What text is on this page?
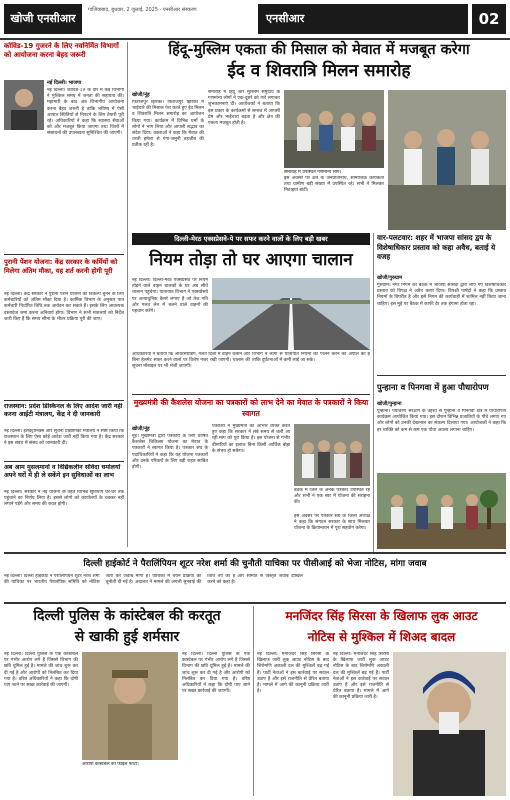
खोजी एनसीआर
गाजियाबाद, बुधवार, 2 जुलाई, 2025 · एनसीआर संस्करण
एनसीआर	02
कोविड-19 गुजरने के लिए नवनिर्मित विभागों को आयोजना करना बेहद जरूरी
नई दिल्ली। भाजपा
नई दिल्ली। कोविड-19 के दौर में कई विभागों ने मुश्किल समय में जनता की सहायता की। महामारी के बाद अब विभागीय आयोजना करना बेहद जरूरी है ताकि भविष्य में ऐसी आपात स्थितियों से निपटने के लिए तैयारी पूरी रहे। अधिकारियों ने कहा कि स्वास्थ्य सेवाओं को और मजबूत किया जाएगा तथा जिलों में संसाधनों की उपलब्धता सुनिश्चित की जाएगी।
हिंदू-मुस्लिम एकता की मिसाल को मेवात में मजबूत करेगा
ईद व शिवरात्रि मिलन समारोह
खोजी/नूंह
फिरोजपुर झिरका। फिरोजपुर झिरका में भाईचारे की मिसाल पेश करते हुए ईद मिलन व शिवरात्रि मिलन समारोह का आयोजन किया गया। कार्यक्रम में विभिन्न धर्मों के लोगों ने भाग लिया और आपसी सद्भाव का संदेश दिया। वक्ताओं ने कहा कि मेवात की धरती हमेशा से गंगा-जमुनी तहजीब की प्रतीक रही है।
समारोह में हिंदू और मुस्लिम समुदाय के गणमान्य लोगों ने एक-दूसरे को गले लगाकर शुभकामनाएं दीं। आयोजकों ने बताया कि इस प्रकार के कार्यक्रमों से समाज में आपसी प्रेम और भाईचारा बढ़ता है और क्षेत्र की एकता मजबूत होती है।
समारोह में उपस्थित गणमान्य लोग।
इस अवसर पर क्षेत्र के जनप्रतिनिधि, सामाजिक कार्यकर्ता तथा ग्रामीण बड़ी संख्या में उपस्थित रहे। सभी ने मिलकर मिठाइयां बांटीं।
पुरानी पेंशन योजना: केंद्र सरकार के कर्मियों को मिलेगा अंतिम मौका, यह शर्त करनी होगी पूरी
नई दिल्ली। केंद्र सरकार ने पुरानी पेंशन योजना का विकल्प चुनने के लिए कर्मचारियों को अंतिम मौका दिया है। कार्मिक विभाग के अनुसार पात्र कर्मचारी निर्धारित तिथि तक आवेदन कर सकते हैं। इसके लिए आवश्यक दस्तावेज जमा करना अनिवार्य होगा। विभाग ने सभी मंत्रालयों को निर्देश जारी किए हैं कि समय सीमा के भीतर प्रक्रिया पूरी की जाए।
दिल्ली-मेरठ एक्सप्रेसवे-पे पर सफर करने वालों के लिए बड़ी खबर
नियम तोड़ा तो घर आएगा चालान
नई दिल्ली। दिल्ली-मेरठ एक्सप्रेसवे पर नियम तोड़ने वाले वाहन चालकों के घर अब सीधे चालान पहुंचेगा। यातायात विभाग ने एक्सप्रेसवे पर अत्याधुनिक कैमरे लगाए हैं जो तेज गति और गलत लेन में चलने वाले वाहनों की पहचान करेंगे।
वार-पलटवार: शहर में भाजपा सांसद द्वय के विशेषाधिकार प्रस्ताव को कहा अवैध, बताई ये वजह
खोजी/गुरुग्राम
गुरुग्राम। नगर निगम की बैठक में भाजपा सांसदों द्वारा लाए गए विशेषाधिकार प्रस्ताव को विपक्ष ने अवैध करार दिया। विपक्षी पार्षदों ने कहा कि प्रस्ताव नियमों के विपरीत है और इसे निगम की कार्यवाही में शामिल नहीं किया जाना चाहिए। इस मुद्दे पर बैठक में काफी देर तक हंगामा होता रहा।
अधिकारियों ने बताया कि ओवरस्पीडिंग, गलत दिशा में वाहन चलाने और बिना हेलमेट सफर करने वालों पर विशेष नजर रखी जाएगी। चालान की सूचना मोबाइल पर भी भेजी जाएगी।
विभाग ने लोगों से यातायात नियमों का पालन करने की अपील की है ताकि दुर्घटनाओं में कमी लाई जा सके।
राजस्थान: प्रदेश डिस्किनल के लिए आदेश जारी नहीं करना आईटी मंत्रालय, केंद्र ने दी जानकारी
नई दिल्ली। इलेक्ट्रॉनिक्स और सूचना प्रौद्योगिकी मंत्रालय ने स्पष्ट किया कि राजस्थान के लिए ऐसा कोई आदेश जारी नहीं किया गया है। केंद्र सरकार ने इस संबंध में संसद को जानकारी दी।
अब आम मुसलमानों व विद्यिकलीन संविदा धर्मालयों अपने घरों में ही ले सकेंगे इन सुविधाओं का लाभ
नई दिल्ली। सरकार ने नई योजना के तहत विभिन्न सुविधाएं घर-घर तक पहुंचाने का निर्णय लिया है। इससे लोगों को कार्यालयों के चक्कर नहीं लगाने पड़ेंगे और समय की बचत होगी।
मुख्यमंत्री की कैशलेस योजना का पत्रकारों को लाभ देने का मेवात के पत्रकारों ने किया स्वागत
खोजी/नूंह
नूंह। मुख्यमंत्री द्वारा पत्रकारों के लिए घोषित कैशलेस चिकित्सा योजना का मेवात के पत्रकारों ने स्वागत किया है। पत्रकार संघ के पदाधिकारियों ने कहा कि यह योजना पत्रकारों और उनके परिवारों के लिए बड़ी राहत साबित होगी।
पत्रकारों ने मुख्यमंत्री का आभार व्यक्त करते हुए कहा कि सरकार ने लंबे समय से चली आ रही मांग को पूरा किया है। इस योजना से गंभीर बीमारियों का इलाज बिना किसी आर्थिक बोझ के संभव हो सकेगा।
बैठक में जिले के अनेक पत्रकार उपस्थित रहे और सभी ने एक स्वर में योजना की सराहना की।
इस अवसर पर पत्रकार संघ के जिला अध्यक्ष ने कहा कि संगठन सरकार के साथ मिलकर योजना के क्रियान्वयन में पूरा सहयोग करेगा।
पुन्हाना व पिनगवा में हुआ पौधारोपण
खोजी/पुन्हाना
पुन्हाना। पर्यावरण संरक्षण के उद्देश्य से पुन्हाना व पिनगवा क्षेत्र में पौधारोपण कार्यक्रम आयोजित किया गया। इस दौरान विभिन्न प्रजातियों के पौधे लगाए गए और लोगों को उनकी देखभाल का संकल्प दिलाया गया। आयोजकों ने कहा कि हर व्यक्ति को कम से कम एक पौधा अवश्य लगाना चाहिए।
दिल्ली हाईकोर्ट ने पैरालिंपियन शूटर नरेश शर्मा की चुनौती याचिका पर पीसीआई को भेजा नोटिस, मांगा जवाब
नई दिल्ली। दिल्ली हाईकोर्ट ने पैरालिंपियन शूटर नरेश शर्मा की याचिका पर भारतीय पैरालंपिक समिति को नोटिस जारी कर जवाब मांगा है। याचिका में चयन प्रक्रिया को चुनौती दी गई है। अदालत ने मामले की अगली सुनवाई की तिथि तय की है और समिति से विस्तृत जवाब दाखिल करने को कहा है।
दिल्ली पुलिस के कांस्टेबल की करतूत
से खाकी हुई शर्मसार
नई दिल्ली। दिल्ली पुलिस के एक कांस्टेबल पर गंभीर आरोप लगे हैं जिससे विभाग की छवि धूमिल हुई है। मामले की जांच शुरू कर दी गई है और आरोपी को निलंबित कर दिया गया है। वरिष्ठ अधिकारियों ने कहा कि दोषी पाए जाने पर सख्त कार्रवाई की जाएगी।
आरोपी कांस्टेबल की फाइल फोटो।
नई दिल्ली। दिल्ली पुलिस के एक कांस्टेबल पर गंभीर आरोप लगे हैं जिससे विभाग की छवि धूमिल हुई है। मामले की जांच शुरू कर दी गई है और आरोपी को निलंबित कर दिया गया है। वरिष्ठ अधिकारियों ने कहा कि दोषी पाए जाने पर सख्त कार्रवाई की जाएगी।
मनजिंदर सिंह सिरसा के खिलाफ लुक आउट
नोटिस से मुश्किल में शिअद बादल
नई दिल्ली। मनजिंदर सिंह सिरसा के खिलाफ जारी लुक आउट नोटिस के बाद शिरोमणि अकाली दल की मुश्किलें बढ़ गई हैं। पार्टी नेताओं ने इस कार्रवाई पर सवाल उठाए हैं और इसे राजनीति से प्रेरित बताया है। मामले में आगे की कानूनी प्रक्रिया जारी है।
नई दिल्ली। मनजिंदर सिंह सिरसा के खिलाफ जारी लुक आउट नोटिस के बाद शिरोमणि अकाली दल की मुश्किलें बढ़ गई हैं। पार्टी नेताओं ने इस कार्रवाई पर सवाल उठाए हैं और इसे राजनीति से प्रेरित बताया है। मामले में आगे की कानूनी प्रक्रिया जारी है।
